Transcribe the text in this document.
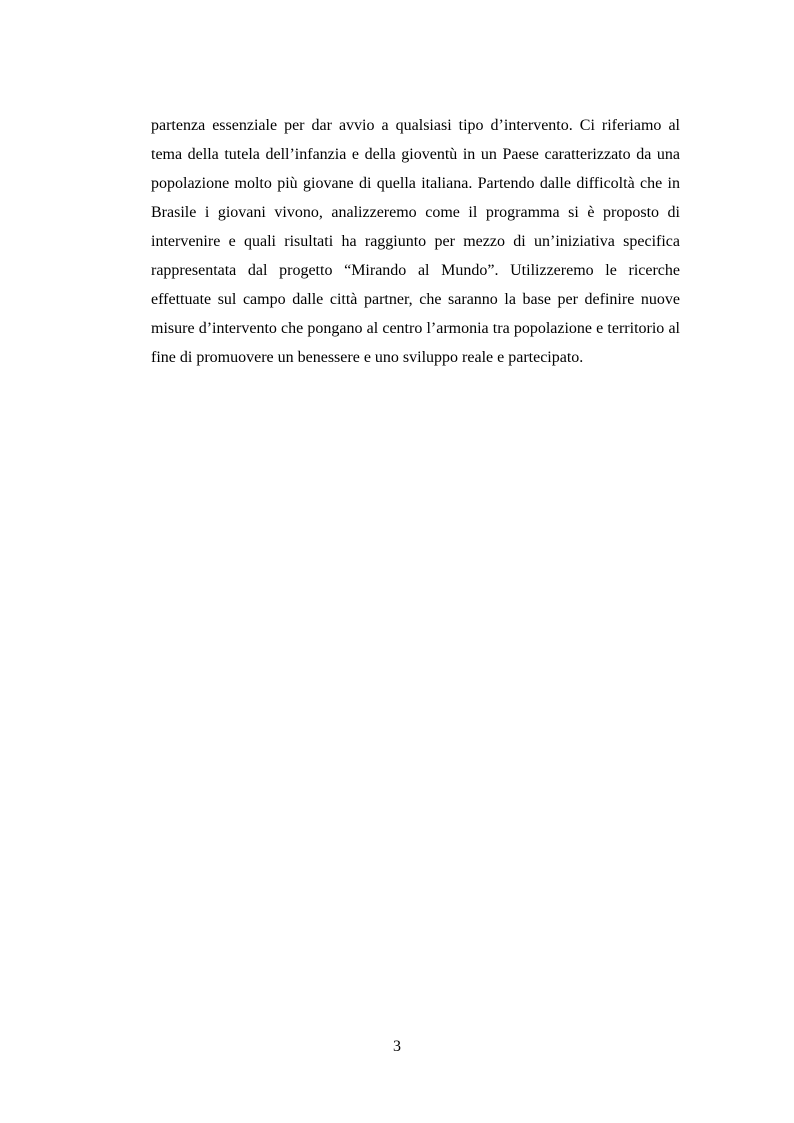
partenza essenziale per dar avvio a qualsiasi tipo d’intervento. Ci riferiamo al
tema della tutela dell’infanzia e della gioventù in un Paese caratterizzato da una
popolazione molto più giovane di quella italiana. Partendo dalle difficoltà che in
Brasile i giovani vivono, analizzeremo come il programma si è proposto di
intervenire e quali risultati ha raggiunto per mezzo di un’iniziativa specifica
rappresentata dal progetto “Mirando al Mundo”. Utilizzeremo le ricerche
effettuate sul campo dalle città partner, che saranno la base per definire nuove
misure d’intervento che pongano al centro l’armonia tra popolazione e territorio al
fine di promuovere un benessere e uno sviluppo reale e partecipato.
3
